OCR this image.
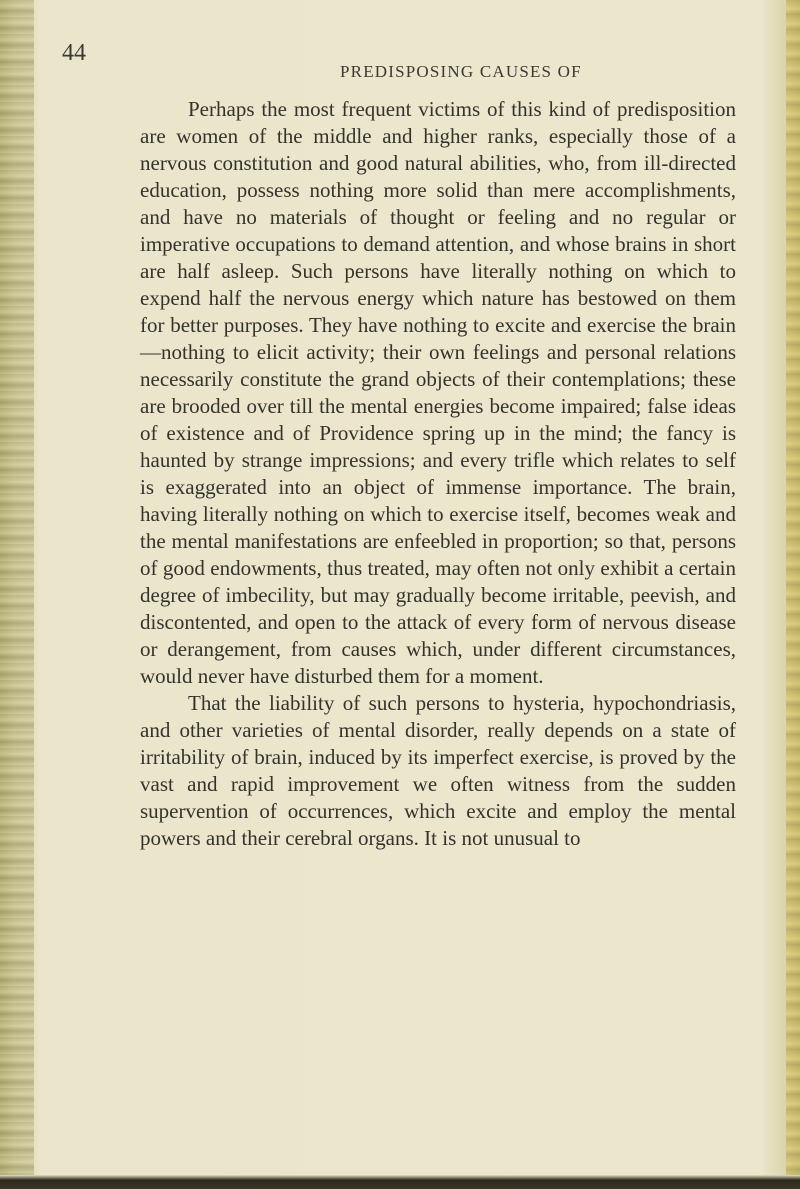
44

PREDISPOSING CAUSES OF

Perhaps the most frequent victims of this kind of predisposition are women of the middle and higher ranks, especially those of a nervous constitution and good natural abilities, who, from ill-directed education, possess nothing more solid than mere accomplishments, and have no materials of thought or feeling and no regular or imperative occupations to demand attention, and whose brains in short are half asleep. Such persons have literally nothing on which to expend half the nervous energy which nature has bestowed on them for better purposes. They have nothing to excite and exercise the brain—nothing to elicit activity; their own feelings and personal relations necessarily constitute the grand objects of their contemplations; these are brooded over till the mental energies become impaired; false ideas of existence and of Providence spring up in the mind; the fancy is haunted by strange impressions; and every trifle which relates to self is exaggerated into an object of immense importance. The brain, having literally nothing on which to exercise itself, becomes weak and the mental manifestations are enfeebled in proportion; so that, persons of good endowments, thus treated, may often not only exhibit a certain degree of imbecility, but may gradually become irritable, peevish, and discontented, and open to the attack of every form of nervous disease or derangement, from causes which, under different circumstances, would never have disturbed them for a moment.

That the liability of such persons to hysteria, hypochondriasis, and other varieties of mental disorder, really depends on a state of irritability of brain, induced by its imperfect exercise, is proved by the vast and rapid improvement we often witness from the sudden supervention of occurrences, which excite and employ the mental powers and their cerebral organs. It is not unusual to
